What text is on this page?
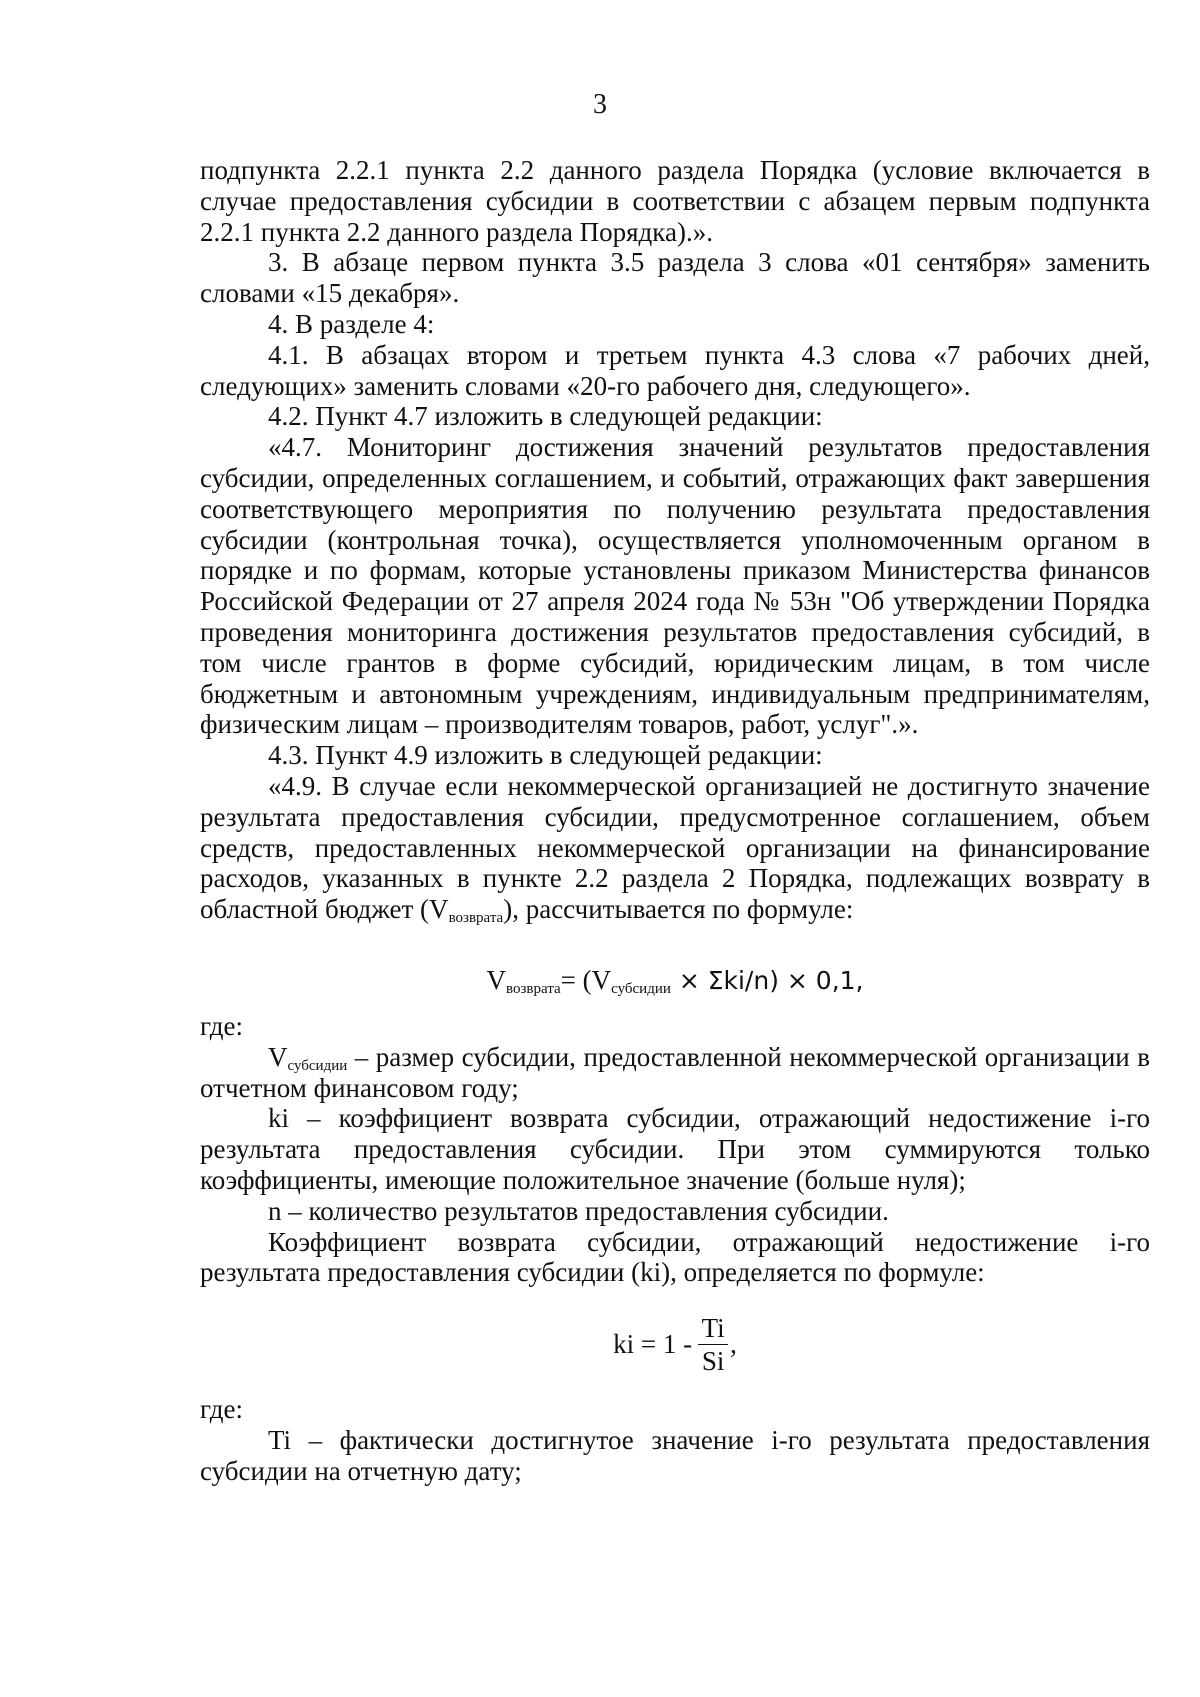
3

подпункта 2.2.1 пункта 2.2 данного раздела Порядка (условие включается в случае предоставления субсидии в соответствии с абзацем первым подпункта 2.2.1 пункта 2.2 данного раздела Порядка).».

3. В абзаце первом пункта 3.5 раздела 3 слова «01 сентября» заменить словами «15 декабря».

4. В разделе 4:

4.1. В абзацах втором и третьем пункта 4.3 слова «7 рабочих дней, следующих» заменить словами «20-го рабочего дня, следующего».

4.2. Пункт 4.7 изложить в следующей редакции:

«4.7. Мониторинг достижения значений результатов предоставления субсидии, определенных соглашением, и событий, отражающих факт завершения соответствующего мероприятия по получению результата предоставления субсидии (контрольная точка), осуществляется уполномоченным органом в порядке и по формам, которые установлены приказом Министерства финансов Российской Федерации от 27 апреля 2024 года № 53н "Об утверждении Порядка проведения мониторинга достижения результатов предоставления субсидий, в том числе грантов в форме субсидий, юридическим лицам, в том числе бюджетным и автономным учреждениям, индивидуальным предпринимателям, физическим лицам – производителям товаров, работ, услуг".».

4.3. Пункт 4.9 изложить в следующей редакции:

«4.9. В случае если некоммерческой организацией не достигнуто значение результата предоставления субсидии, предусмотренное соглашением, объем средств, предоставленных некоммерческой организации на финансирование расходов, указанных в пункте 2.2 раздела 2 Порядка, подлежащих возврату в областной бюджет $(V_{возврата})$, рассчитывается по формуле:

$V_{возврата}= (V_{субсидии} \times \Sigma ki/n) \times 0,1$,

где:

$V_{субсидии}$ – размер субсидии, предоставленной некоммерческой организации в отчетном финансовом году;

ki – коэффициент возврата субсидии, отражающий недостижение i-го результата предоставления субсидии. При этом суммируются только коэффициенты, имеющие положительное значение (больше нуля);

n – количество результатов предоставления субсидии.

Коэффициент возврата субсидии, отражающий недостижение i-го результата предоставления субсидии (ki), определяется по формуле:

ki = $1 - \frac{Ti}{Si}$ ,

где:

Ti – фактически достигнутое значение i-го результата предоставления субсидии на отчетную дату;
